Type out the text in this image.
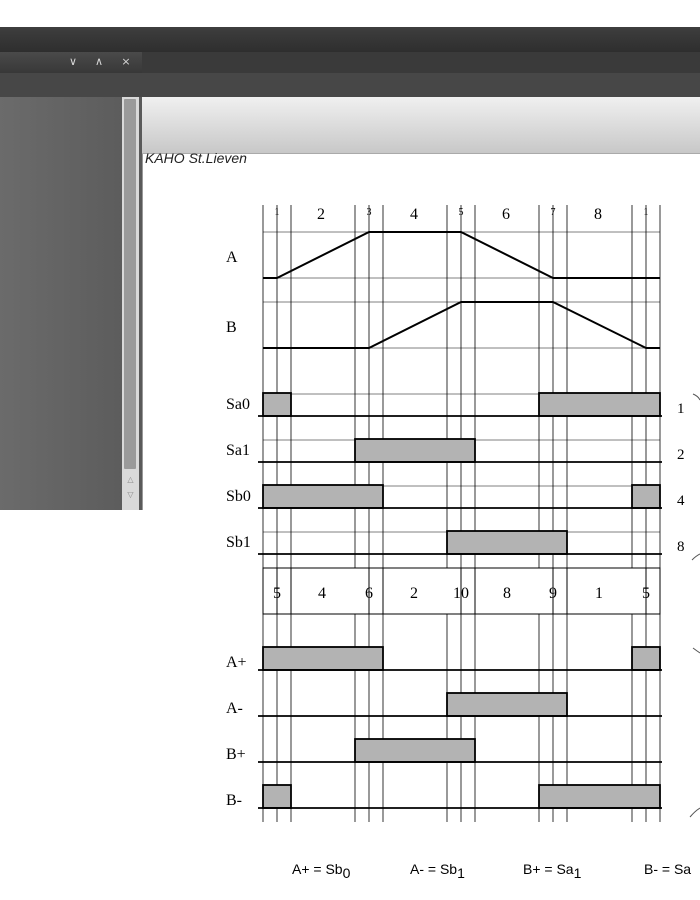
∨	∧	×
△
▽
KAHO St.Lieven
1 2	3 4	5 6	7 8	1
A
B
Sa0
Sa1
Sb0
Sb1
A+
A-
B+
B-
5 4 6 2 10 8 9 1 5
1
2
4
8
A+ = Sb0	A- = Sb1	B+ = Sa1	B- = Sa
